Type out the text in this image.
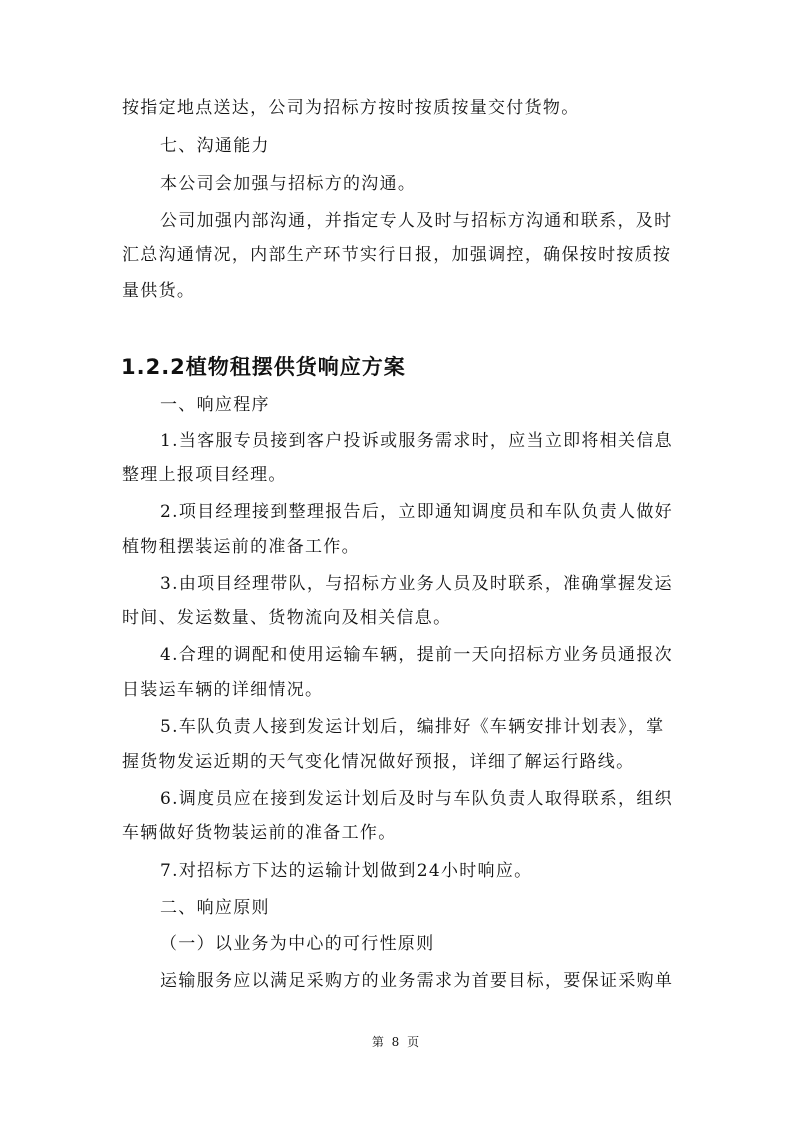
按指定地点送达，公司为招标方按时按质按量交付货物。
七、沟通能力
本公司会加强与招标方的沟通。
公司加强内部沟通，并指定专人及时与招标方沟通和联系，及时
汇总沟通情况，内部生产环节实行日报，加强调控，确保按时按质按
量供货。
1.2.2植物租摆供货响应方案
一、响应程序
1.当客服专员接到客户投诉或服务需求时，应当立即将相关信息
整理上报项目经理。
2.项目经理接到整理报告后，立即通知调度员和车队负责人做好
植物租摆装运前的准备工作。
3.由项目经理带队，与招标方业务人员及时联系，准确掌握发运
时间、发运数量、货物流向及相关信息。
4.合理的调配和使用运输车辆，提前一天向招标方业务员通报次
日装运车辆的详细情况。
5.车队负责人接到发运计划后，编排好《车辆安排计划表》，掌
握货物发运近期的天气变化情况做好预报，详细了解运行路线。
6.调度员应在接到发运计划后及时与车队负责人取得联系，组织
车辆做好货物装运前的准备工作。
7.对招标方下达的运输计划做到24小时响应。
二、响应原则
（一）以业务为中心的可行性原则
运输服务应以满足采购方的业务需求为首要目标，要保证采购单
第 8 页
